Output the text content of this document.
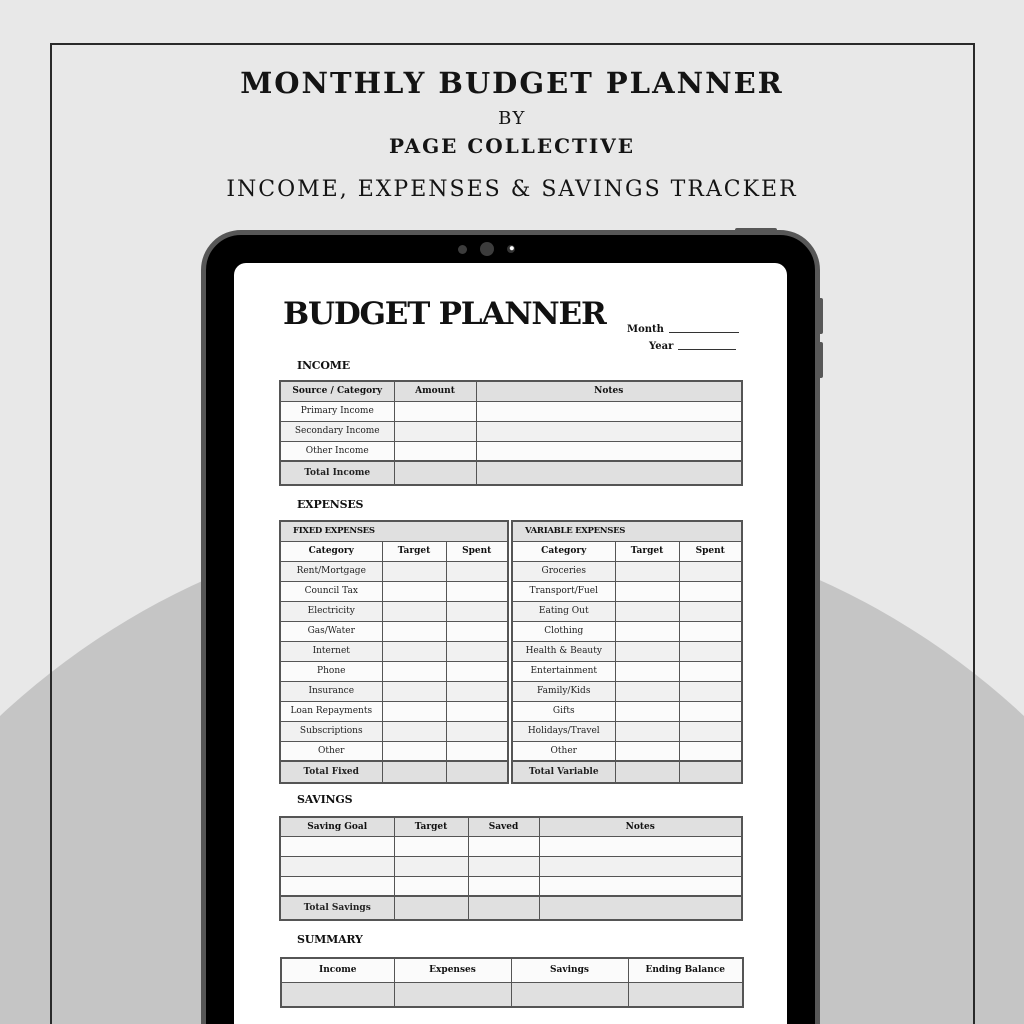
MONTHLY BUDGET PLANNER
BY
PAGE COLLECTIVE
INCOME, EXPENSES & SAVINGS TRACKER
BUDGET PLANNER Month
Year
INCOME
Source / Category	Amount	Notes
Primary Income		
Secondary Income		
Other Income		
Total Income		
EXPENSES
FIXED EXPENSES		
Category	Target	Spent
Rent/Mortgage		
Council Tax		
Electricity		
Gas/Water		
Internet		
Phone		
Insurance		
Loan Repayments		
Subscriptions		
Other		
Total Fixed		
VARIABLE EXPENSES		
Category	Target	Spent
Groceries		
Transport/Fuel		
Eating Out		
Clothing		
Health & Beauty		
Entertainment		
Family/Kids		
Gifts		
Holidays/Travel		
Other		
Total Variable		
SAVINGS
Saving Goal	Target	Saved	Notes

Total Savings			
SUMMARY
Income	Expenses	Savings	Ending Balance
